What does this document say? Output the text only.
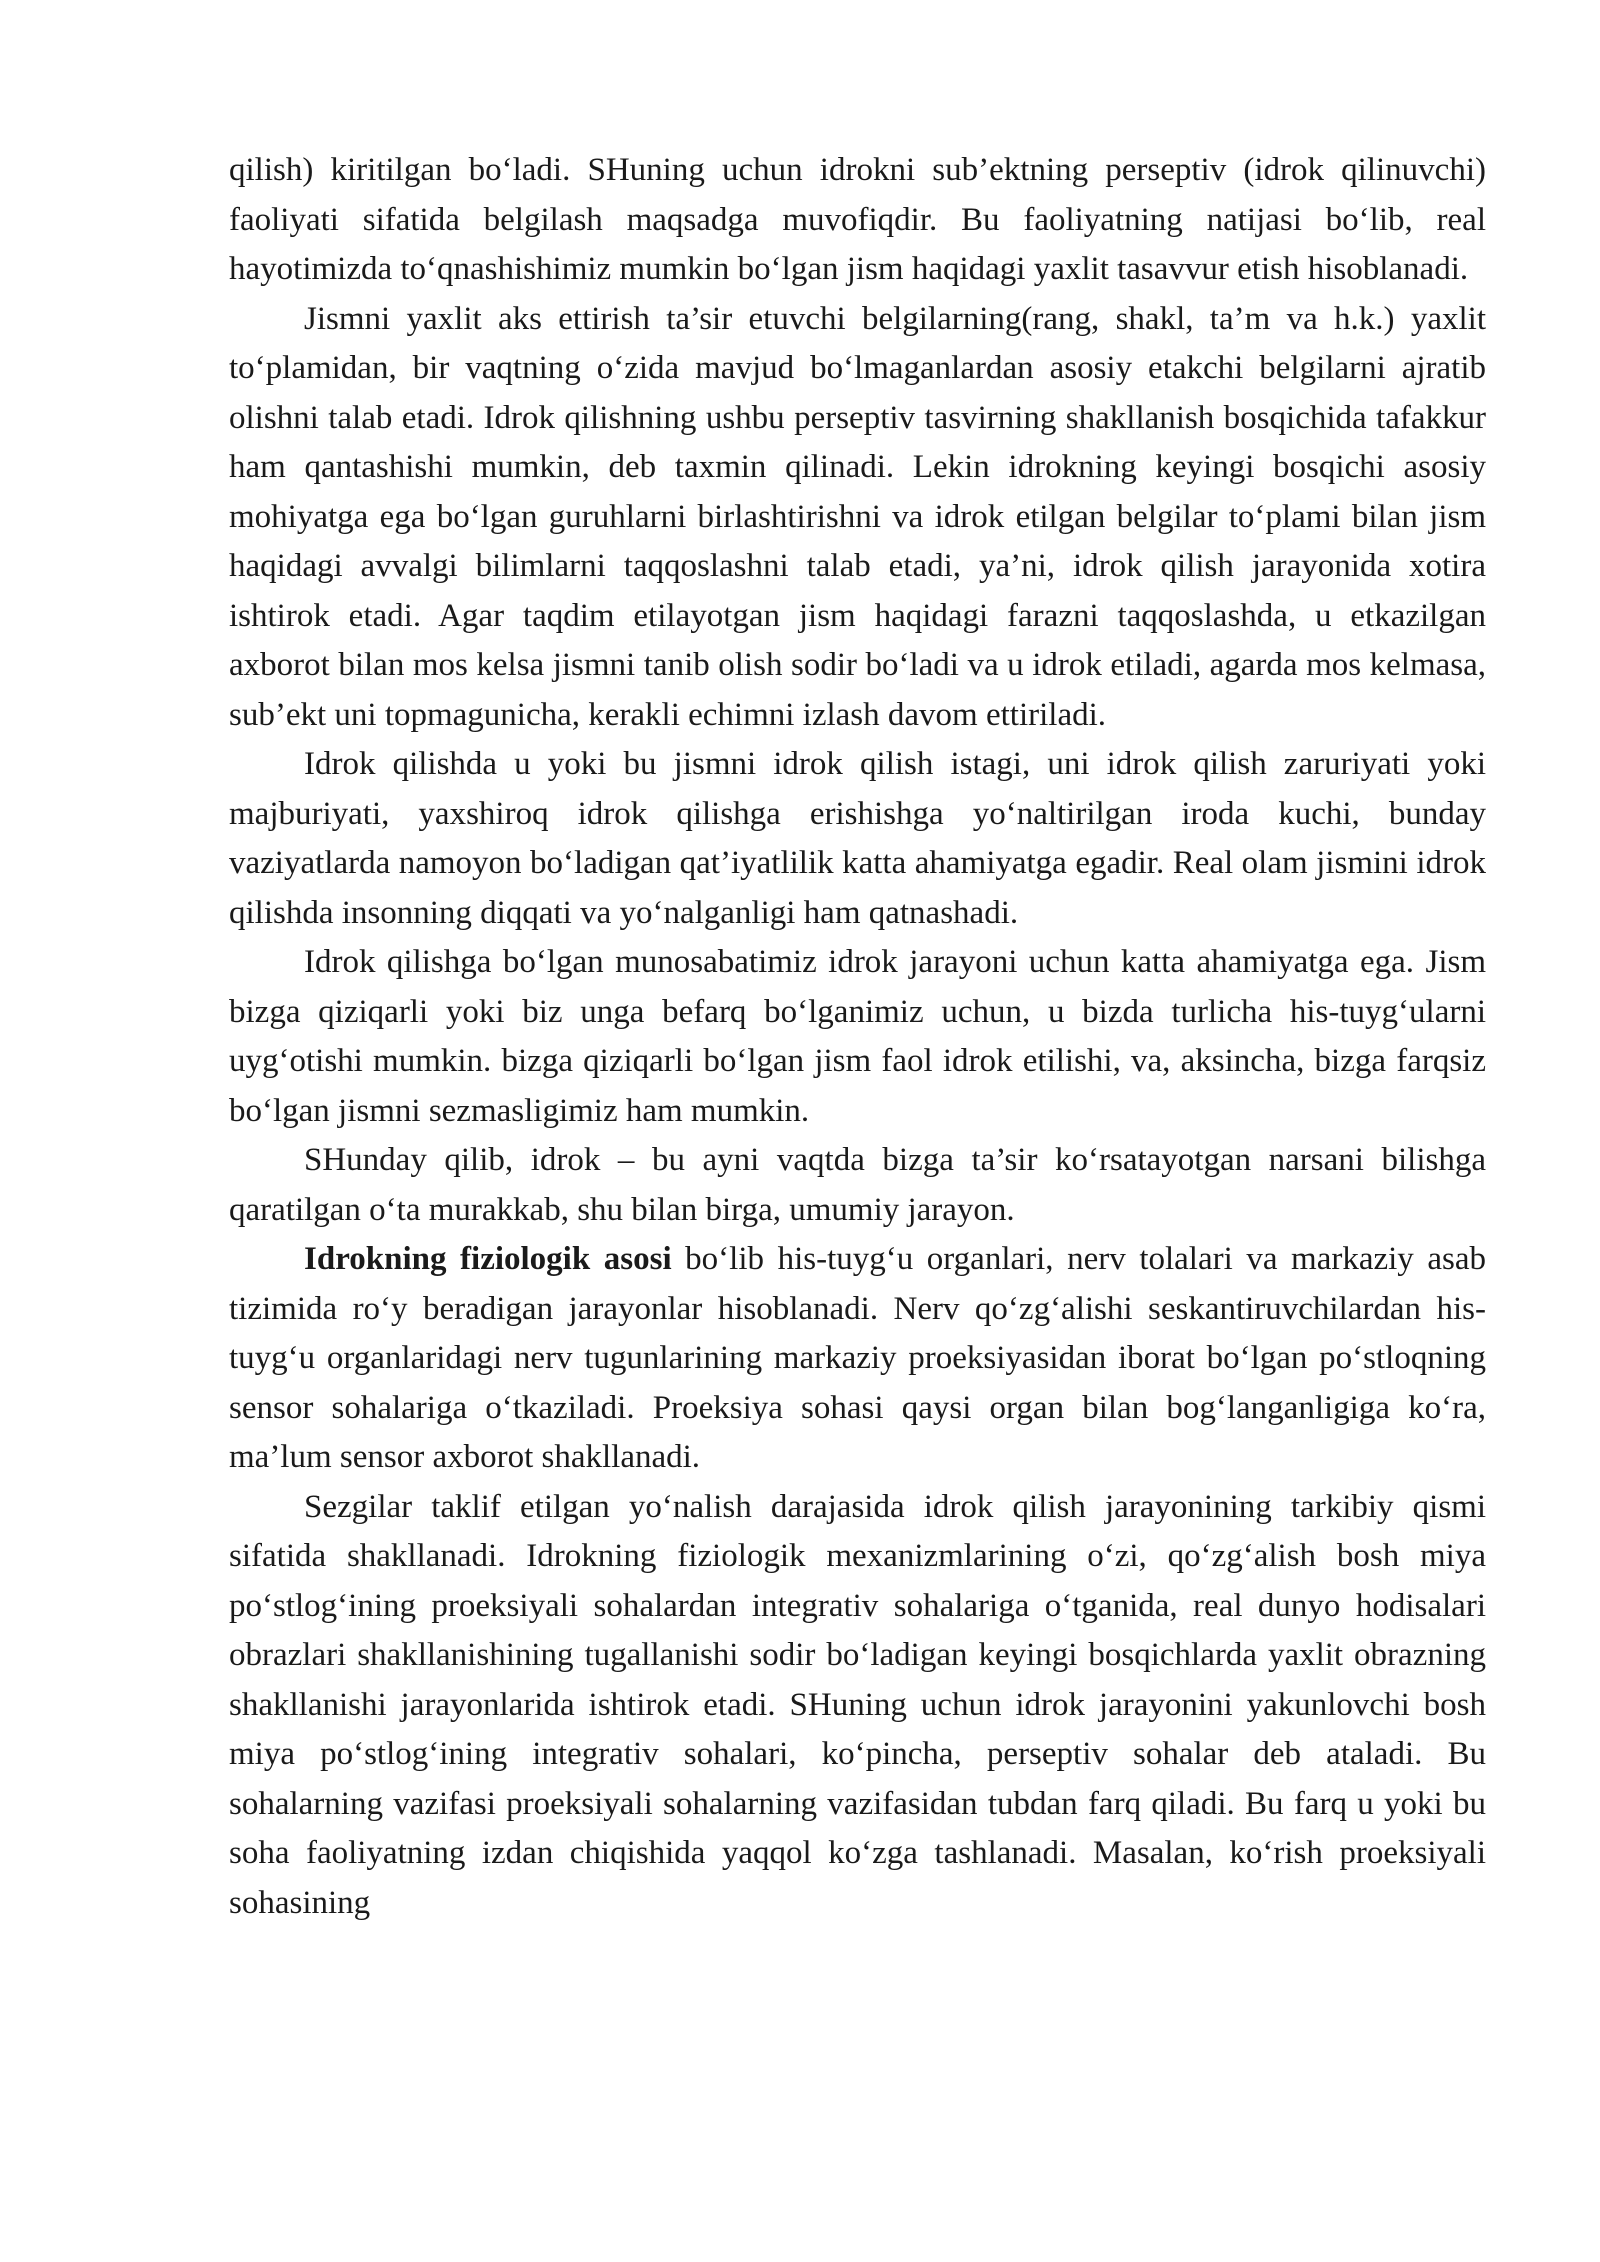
qilish) kiritilgan bo‘ladi. SHuning uchun idrokni sub’ektning perseptiv (idrok qilinuvchi) faoliyati sifatida belgilash maqsadga muvofiqdir. Bu faoliyatning natijasi bo‘lib, real hayotimizda to‘qnashishimiz mumkin bo‘lgan jism haqidagi yaxlit tasavvur etish hisoblanadi.

Jismni yaxlit aks ettirish ta’sir etuvchi belgilarning(rang, shakl, ta’m va h.k.) yaxlit to‘plamidan, bir vaqtning o‘zida mavjud bo‘lmaganlardan asosiy etakchi belgilarni ajratib olishni talab etadi. Idrok qilishning ushbu perseptiv tasvirning shakllanish bosqichida tafakkur ham qantashishi mumkin, deb taxmin qilinadi. Lekin idrokning keyingi bosqichi asosiy mohiyatga ega bo‘lgan guruhlarni birlashtirishni va idrok etilgan belgilar to‘plami bilan jism haqidagi avvalgi bilimlarni taqqoslashni talab etadi, ya’ni, idrok qilish jarayonida xotira ishtirok etadi. Agar taqdim etilayotgan jism haqidagi farazni taqqoslashda, u etkazilgan axborot bilan mos kelsa jismni tanib olish sodir bo‘ladi va u idrok etiladi, agarda mos kelmasa, sub’ekt uni topmagunicha, kerakli echimni izlash davom ettiriladi.

Idrok qilishda u yoki bu jismni idrok qilish istagi, uni idrok qilish zaruriyati yoki majburiyati, yaxshiroq idrok qilishga erishishga yo‘naltirilgan iroda kuchi, bunday vaziyatlarda namoyon bo‘ladigan qat’iyatlilik katta ahamiyatga egadir. Real olam jismini idrok qilishda insonning diqqati va yo‘nalganligi ham qatnashadi.

Idrok qilishga bo‘lgan munosabatimiz idrok jarayoni uchun katta ahamiyatga ega. Jism bizga qiziqarli yoki biz unga befarq bo‘lganimiz uchun, u bizda turlicha his-tuyg‘ularni uyg‘otishi mumkin. bizga qiziqarli bo‘lgan jism faol idrok etilishi, va, aksincha, bizga farqsiz bo‘lgan jismni sezmasligimiz ham mumkin.

SHunday qilib, idrok – bu ayni vaqtda bizga ta’sir ko‘rsatayotgan narsani bilishga qaratilgan o‘ta murakkab, shu bilan birga, umumiy jarayon.

Idrokning fiziologik asosi bo‘lib his-tuyg‘u organlari, nerv tolalari va markaziy asab tizimida ro‘y beradigan jarayonlar hisoblanadi. Nerv qo‘zg‘alishi seskantiruvchilardan his-tuyg‘u organlaridagi nerv tugunlarining markaziy proeksiyasidan iborat bo‘lgan po‘stloqning sensor sohalariga o‘tkaziladi. Proeksiya sohasi qaysi organ bilan bog‘langanligiga ko‘ra, ma’lum sensor axborot shakllanadi.

Sezgilar taklif etilgan yo‘nalish darajasida idrok qilish jarayonining tarkibiy qismi sifatida shakllanadi. Idrokning fiziologik mexanizmlarining o‘zi, qo‘zg‘alish bosh miya po‘stlog‘ining proeksiyali sohalardan integrativ sohalariga o‘tganida, real dunyo hodisalari obrazlari shakllanishining tugallanishi sodir bo‘ladigan keyingi bosqichlarda yaxlit obrazning shakllanishi jarayonlarida ishtirok etadi. SHuning uchun idrok jarayonini yakunlovchi bosh miya po‘stlog‘ining integrativ sohalari, ko‘pincha, perseptiv sohalar deb ataladi. Bu sohalarning vazifasi proeksiyali sohalarning vazifasidan tubdan farq qiladi. Bu farq u yoki bu soha faoliyatning izdan chiqishida yaqqol ko‘zga tashlanadi. Masalan, ko‘rish proeksiyali sohasining
